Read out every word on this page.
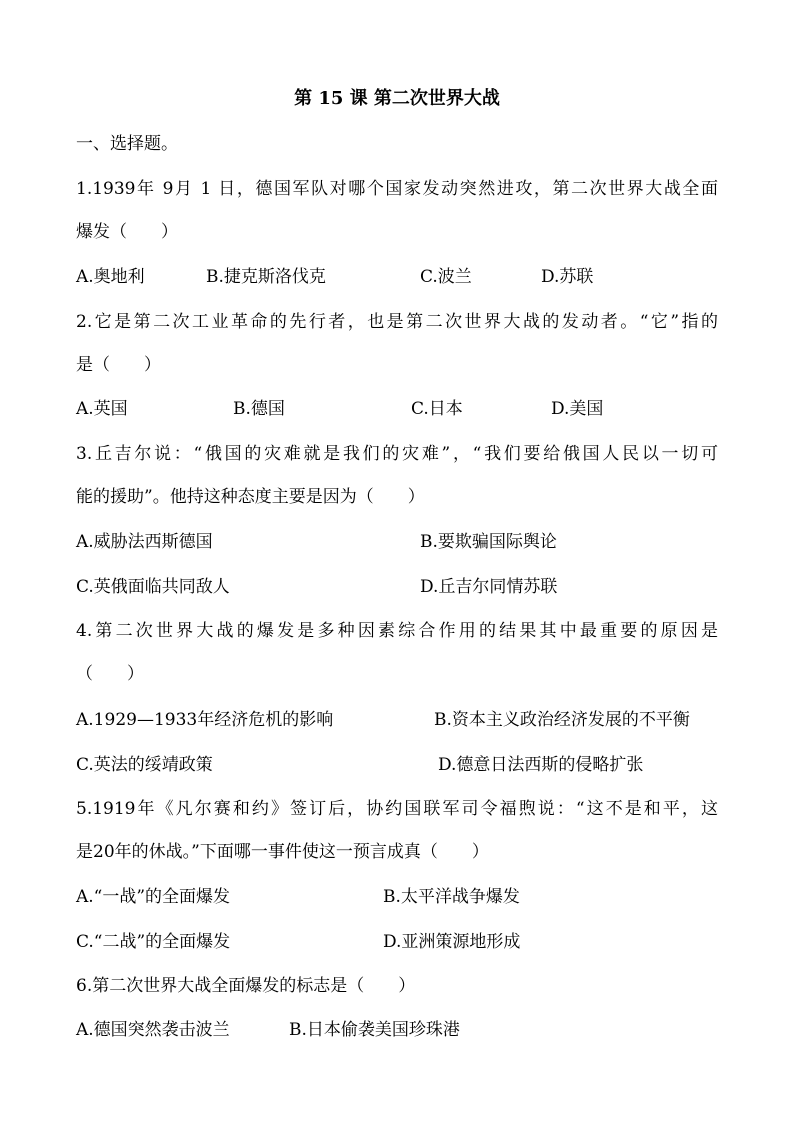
第 15 课 第二次世界大战
一、选择题。
1.1939年 9月 1 日，德国军队对哪个国家发动突然进攻，第二次世界大战全面
爆发（　　）
A.奥地利	B.捷克斯洛伐克	C.波兰	D.苏联
2.它是第二次工业革命的先行者，也是第二次世界大战的发动者。“它”指的
是（　　）
A.英国	B.德国	C.日本	D.美国
3.丘吉尔说：“俄国的灾难就是我们的灾难”，“我们要给俄国人民以一切可
能的援助”。他持这种态度主要是因为（　　）
A.威胁法西斯德国	B.要欺骗国际舆论
C.英俄面临共同敌人	D.丘吉尔同情苏联
4.第二次世界大战的爆发是多种因素综合作用的结果其中最重要的原因是
（　　）
A.1929—1933年经济危机的影响	B.资本主义政治经济发展的不平衡
C.英法的绥靖政策	D.德意日法西斯的侵略扩张
5.1919年《凡尔赛和约》签订后，协约国联军司令福煦说：“这不是和平，这
是20年的休战。”下面哪一事件使这一预言成真（　　）
A.“一战”的全面爆发	B.太平洋战争爆发
C.“二战”的全面爆发	D.亚洲策源地形成
6.第二次世界大战全面爆发的标志是（　　）
A.德国突然袭击波兰	B.日本偷袭美国珍珠港
